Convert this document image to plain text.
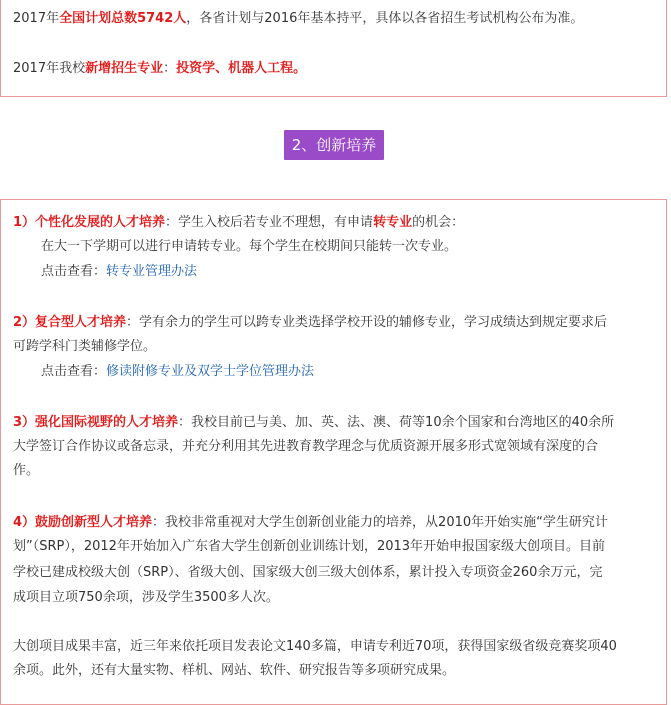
2017年全国计划总数5742人，各省计划与2016年基本持平，具体以各省招生考试机构公布为准。
2017年我校新增招生专业：投资学、机器人工程。
2、创新培养
1）个性化发展的人才培养：学生入校后若专业不理想，有申请转专业的机会：
在大一下学期可以进行申请转专业。每个学生在校期间只能转一次专业。
点击查看：转专业管理办法
2）复合型人才培养：学有余力的学生可以跨专业类选择学校开设的辅修专业，学习成绩达到规定要求后
可跨学科门类辅修学位。
点击查看：修读附修专业及双学士学位管理办法
3）强化国际视野的人才培养：我校目前已与美、加、英、法、澳、荷等10余个国家和台湾地区的40余所
大学签订合作协议或备忘录，并充分利用其先进教育教学理念与优质资源开展多形式宽领域有深度的合
作。
4）鼓励创新型人才培养：我校非常重视对大学生创新创业能力的培养，从2010年开始实施“学生研究计
划”（SRP），2012年开始加入广东省大学生创新创业训练计划，2013年开始申报国家级大创项目。目前
学校已建成校级大创（SRP）、省级大创、国家级大创三级大创体系，累计投入专项资金260余万元，完
成项目立项750余项，涉及学生3500多人次。
大创项目成果丰富，近三年来依托项目发表论文140多篇，申请专利近70项，获得国家级省级竞赛奖项40
余项。此外，还有大量实物、样机、网站、软件、研究报告等多项研究成果。
